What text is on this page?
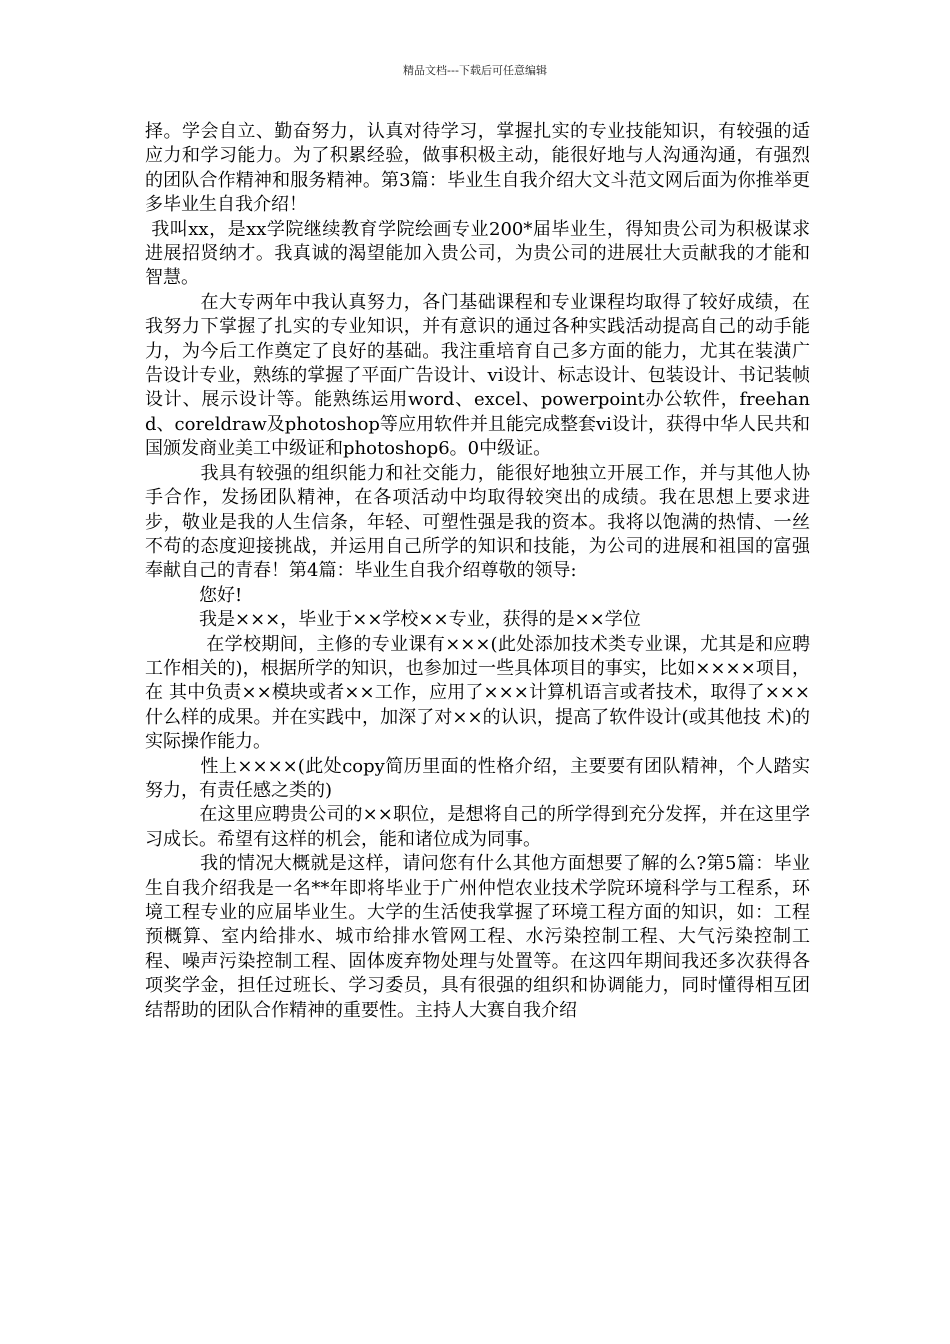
精品文档---下载后可任意编辑

择。学会自立、勤奋努力，认真对待学习，掌握扎实的专业技能知识，有较强的适应力和学习能力。为了积累经验，做事积极主动，能很好地与人沟通沟通，有强烈的团队合作精神和服务精神。第3篇：毕业生自我介绍大文斗范文网后面为你推举更多毕业生自我介绍！

我叫xx，是xx学院继续教育学院绘画专业200*届毕业生，得知贵公司为积极谋求进展招贤纳才。我真诚的渴望能加入贵公司，为贵公司的进展壮大贡献我的才能和智慧。

　　　在大专两年中我认真努力，各门基础课程和专业课程均取得了较好成绩，在我努力下掌握了扎实的专业知识，并有意识的通过各种实践活动提高自己的动手能力，为今后工作奠定了良好的基础。我注重培育自己多方面的能力，尤其在装潢广告设计专业，熟练的掌握了平面广告设计、vi设计、标志设计、包装设计、书记装帧设计、展示设计等。能熟练运用word、excel、powerpoint办公软件，freehand、coreldraw及photoshop等应用软件并且能完成整套vi设计，获得中华人民共和国颁发商业美工中级证和photoshop6。0中级证。

　　　我具有较强的组织能力和社交能力，能很好地独立开展工作，并与其他人协手合作，发扬团队精神，在各项活动中均取得较突出的成绩。我在思想上要求进步，敬业是我的人生信条，年轻、可塑性强是我的资本。我将以饱满的热情、一丝不苟的态度迎接挑战，并运用自己所学的知识和技能，为公司的进展和祖国的富强奉献自己的青春！第4篇：毕业生自我介绍尊敬的领导:

　　　您好!

　　　我是×××，毕业于××学校××专业，获得的是××学位

　　　 在学校期间，主修的专业课有×××(此处添加技术类专业课，尤其是和应聘工作相关的)，根据所学的知识，也参加过一些具体项目的事实，比如××××项目，在 其中负责××模块或者××工作，应用了×××计算机语言或者技术，取得了×××什么样的成果。并在实践中，加深了对××的认识，提高了软件设计(或其他技 术)的实际操作能力。

　　　性上××××(此处copy简历里面的性格介绍，主要要有团队精神，个人踏实努力，有责任感之类的)

　　　在这里应聘贵公司的××职位，是想将自己的所学得到充分发挥，并在这里学习成长。希望有这样的机会，能和诸位成为同事。

　　　我的情况大概就是这样，请问您有什么其他方面想要了解的么?第5篇：毕业生自我介绍我是一名**年即将毕业于广州仲恺农业技术学院环境科学与工程系，环境工程专业的应届毕业生。大学的生活使我掌握了环境工程方面的知识，如：工程预概算、室内给排水、城市给排水管网工程、水污染控制工程、大气污染控制工程、噪声污染控制工程、固体废弃物处理与处置等。在这四年期间我还多次获得各项奖学金，担任过班长、学习委员，具有很强的组织和协调能力，同时懂得相互团结帮助的团队合作精神的重要性。主持人大赛自我介绍
